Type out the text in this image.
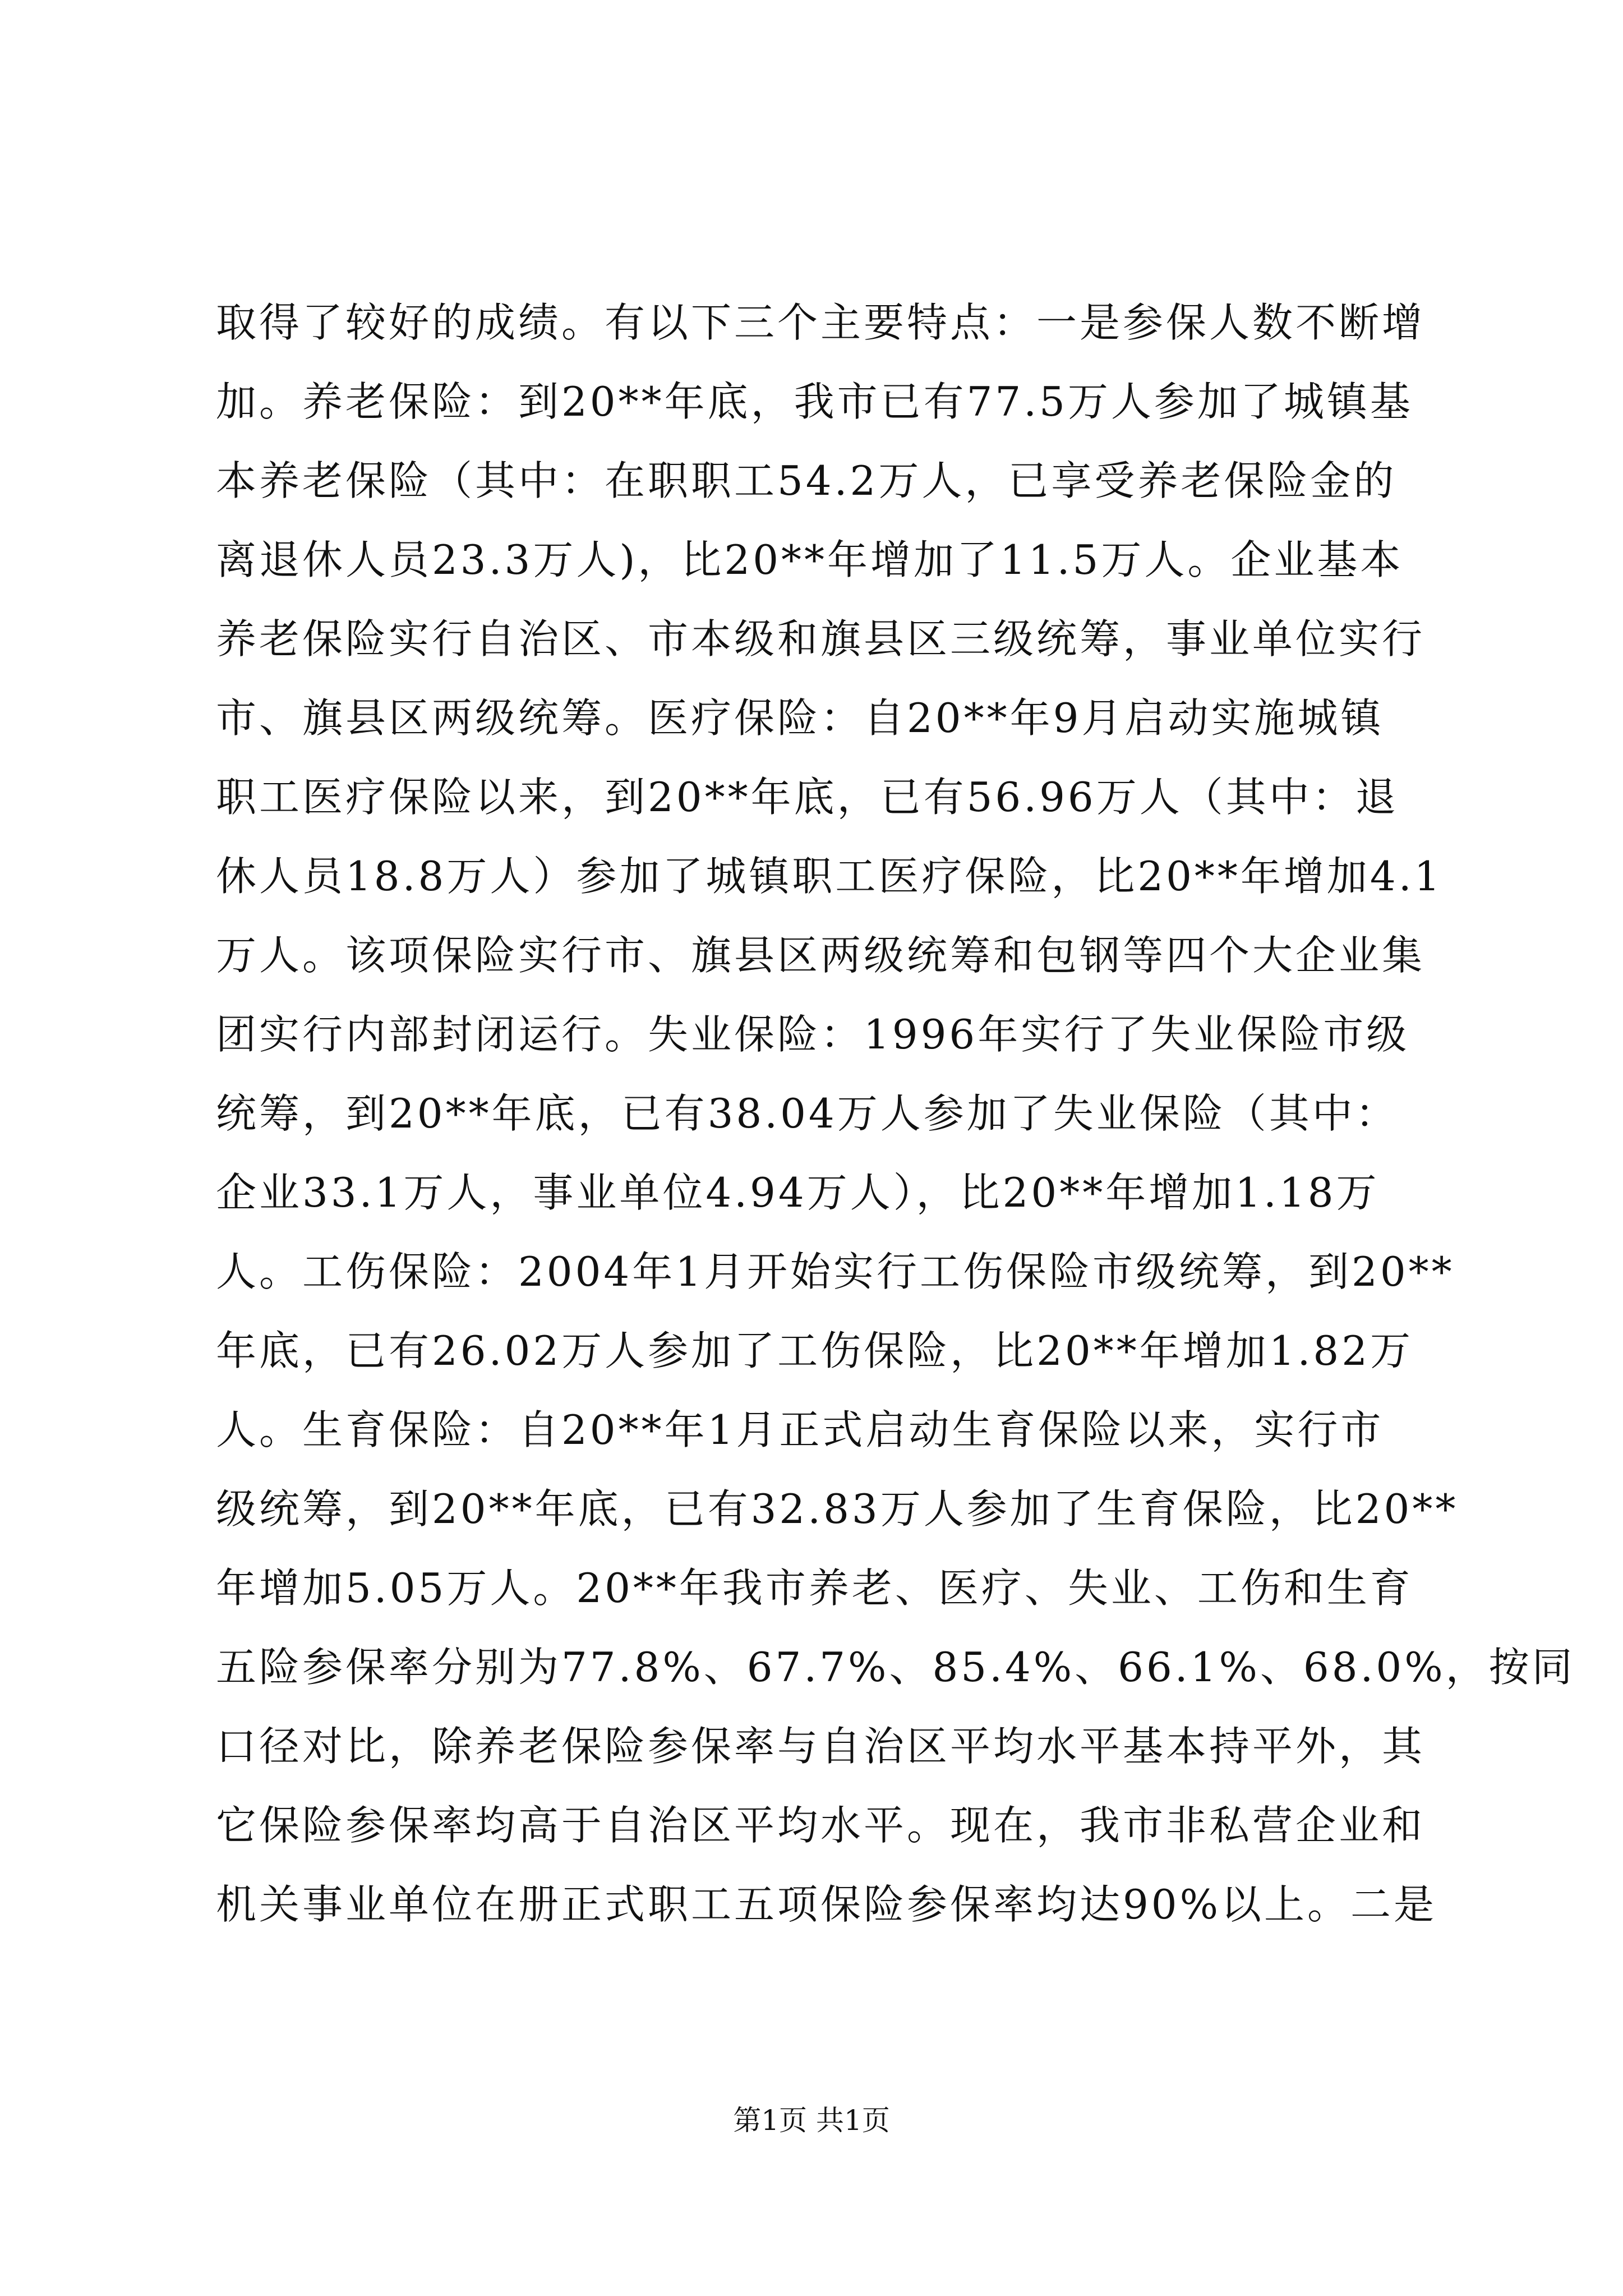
取得了较好的成绩。有以下三个主要特点：一是参保人数不断增
加。养老保险：到20**年底，我市已有77.5万人参加了城镇基
本养老保险（其中：在职职工54.2万人，已享受养老保险金的
离退休人员23.3万人)，比20**年增加了11.5万人。企业基本
养老保险实行自治区、市本级和旗县区三级统筹，事业单位实行
市、旗县区两级统筹。医疗保险：自20**年9月启动实施城镇
职工医疗保险以来，到20**年底，已有56.96万人（其中：退
休人员18.8万人）参加了城镇职工医疗保险，比20**年增加4.1
万人。该项保险实行市、旗县区两级统筹和包钢等四个大企业集
团实行内部封闭运行。失业保险：1996年实行了失业保险市级
统筹，到20**年底，已有38.04万人参加了失业保险（其中：
企业33.1万人，事业单位4.94万人），比20**年增加1.18万
人。工伤保险：2004年1月开始实行工伤保险市级统筹，到20**
年底，已有26.02万人参加了工伤保险，比20**年增加1.82万
人。生育保险：自20**年1月正式启动生育保险以来，实行市
级统筹，到20**年底，已有32.83万人参加了生育保险，比20**
年增加5.05万人。20**年我市养老、医疗、失业、工伤和生育
五险参保率分别为77.8%、67.7%、85.4%、66.1%、68.0%，按同
口径对比，除养老保险参保率与自治区平均水平基本持平外，其
它保险参保率均高于自治区平均水平。现在，我市非私营企业和
机关事业单位在册正式职工五项保险参保率均达90%以上。二是
第1页 共1页
